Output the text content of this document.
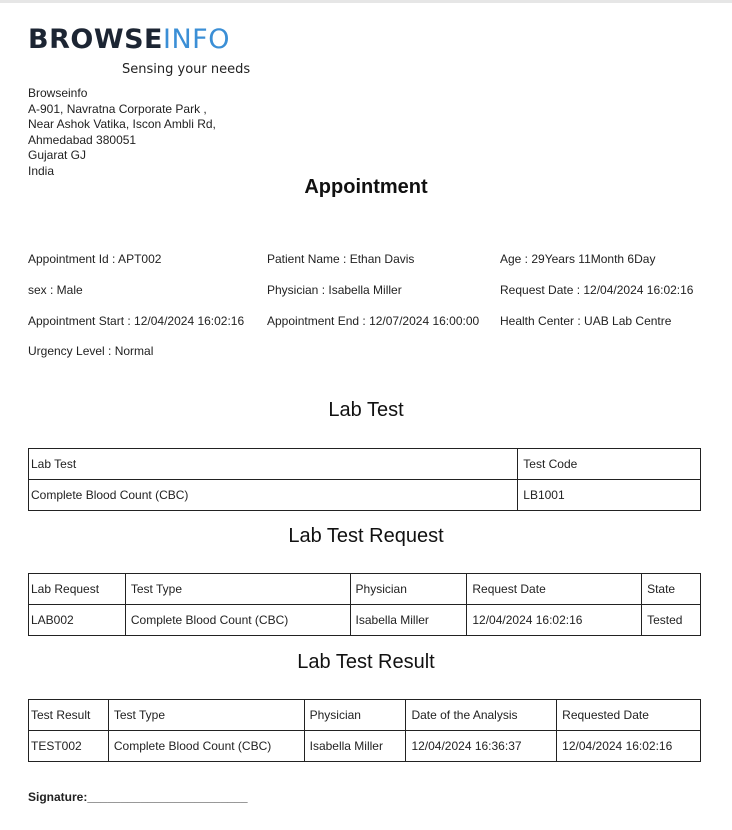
BROWSEINFO
Sensing your needs
Browseinfo
A-901, Navratna Corporate Park ,
Near Ashok Vatika, Iscon Ambli Rd,
Ahmedabad 380051
Gujarat GJ
India
Appointment
Appointment Id : APT002	Patient Name : Ethan Davis	Age : 29Years 11Month 6Day
sex : Male	Physician : Isabella Miller	Request Date : 12/04/2024 16:02:16
Appointment Start : 12/04/2024 16:02:16 Appointment End : 12/07/2024 16:00:00 Health Center : UAB Lab Centre
Urgency Level : Normal
Lab Test
Lab Test	Test Code
Complete Blood Count (CBC)	LB1001
Lab Test Request
Lab Request	Test Type	Physician	Request Date	State
LAB002	Complete Blood Count (CBC)	Isabella Miller	12/04/2024 16:02:16	Tested
Lab Test Result
Test Result	Test Type	Physician	Date of the Analysis	Requested Date
TEST002	Complete Blood Count (CBC)	Isabella Miller	12/04/2024 16:36:37	12/04/2024 16:02:16
Signature:________________________
